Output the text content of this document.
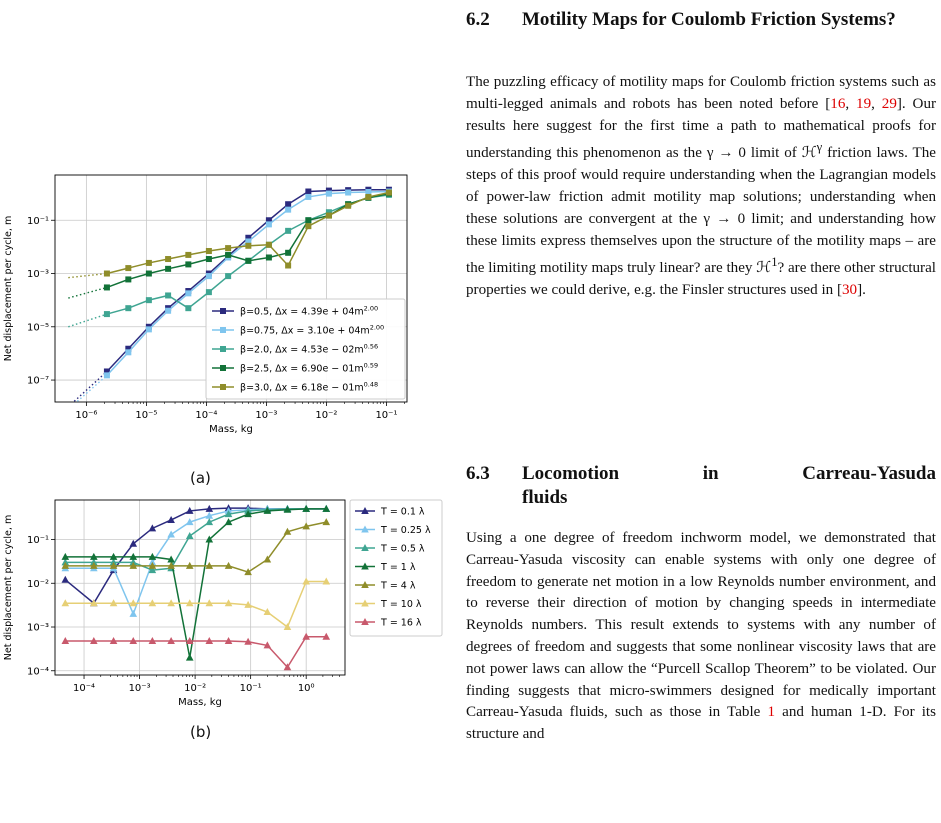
10⁻⁶	10⁻⁵	10⁻⁴	10⁻³	10⁻²	10⁻¹
10⁻⁷
10⁻⁵
10⁻³
10⁻¹
Mass, kg
Net displacement per cycle, m	β=0.5, $\Delta x = 4.39e + 04m^{2.00}$
β=0.75, $\Delta x = 3.10e + 04m^{2.00}$
β=2.0, $\Delta x = 4.53e - 02m^{0.56}$
β=2.5, $\Delta x = 6.90e - 01m^{0.59}$
β=3.0, $\Delta x = 6.18e - 01m^{0.48}$
(a)
10⁻⁴	10⁻³	10⁻²	10⁻¹	10⁰
10⁻⁴
10⁻³
10⁻²
10⁻¹
Mass, kg
Net displacement per cycle, m
T = 0.1 λ
T = 0.25 λ
T = 0.5 λ
T = 1 λ
T = 4 λ
T = 10 λ
T = 16 λ
(b)
6.2	Motility Maps for Coulomb Friction Systems?

The puzzling efficacy of motility maps for Coulomb friction systems such as multi-legged animals and robots has been noted before [16, 19, 29]. Our results here suggest for the first time a path to mathematical proofs for understanding this phenomenon as the γ → 0 limit of ℋ$^\gamma$ friction laws. The steps of this proof would require understanding when the Lagrangian models of power-law friction admit motility map solutions; understanding when these solutions are convergent at the γ → 0 limit; and understanding how these limits express themselves upon the structure of the motility maps – are the limiting motility maps truly linear? are they ℋ$^1$? are there other structural properties we could derive, e.g. the Finsler structures used in [30].

6.3	Locomotion	in	Carreau-Yasuda
fluids

Using a one degree of freedom inchworm model, we demonstrated that Carreau-Yasuda viscosity can enable systems with only one degree of freedom to generate net motion in a low Reynolds number environment, and to reverse their direction of motion by changing speeds in intermediate Reynolds numbers. This result extends to systems with any number of degrees of freedom and suggests that some nonlinear viscosity laws that are not power laws can allow the “Purcell Scallop Theorem” to be violated. Our finding suggests that micro-swimmers designed for medically important Carreau-Yasuda fluids, such as those in Table 1 and human 1-D. For its structure and
